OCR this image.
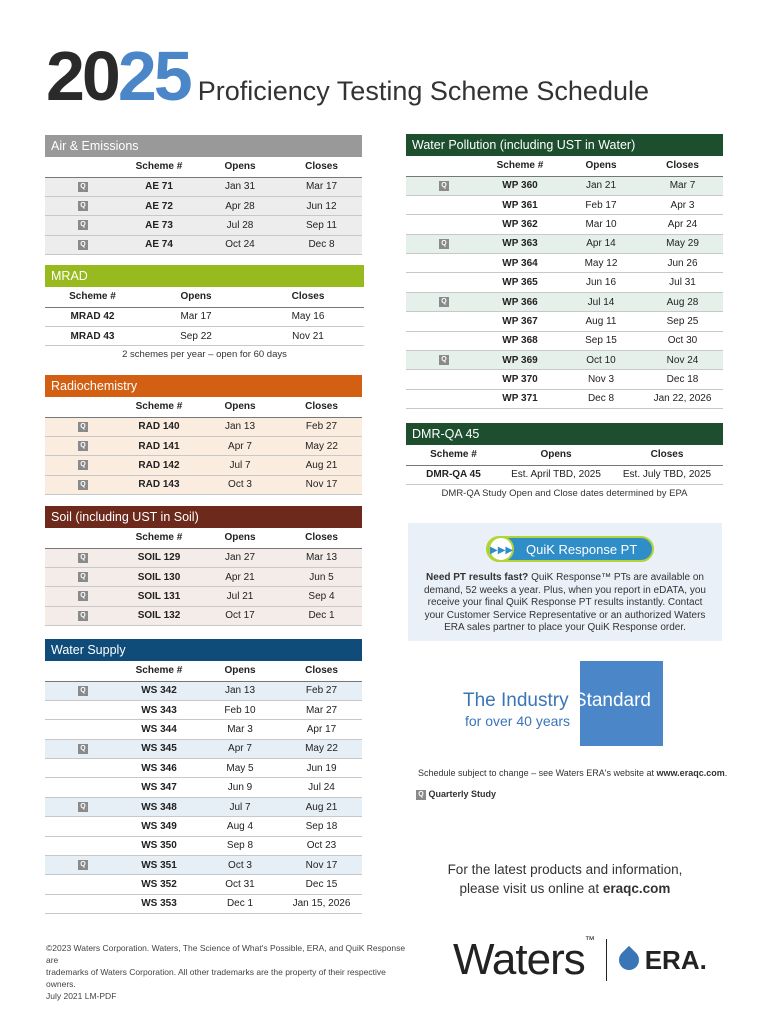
2025 Proficiency Testing Scheme Schedule
Air & Emissions
	Scheme #	Opens	Closes
Q	AE 71	Jan 31	Mar 17
Q	AE 72	Apr 28	Jun 12
Q	AE 73	Jul 28	Sep 11
Q	AE 74	Oct 24	Dec 8
MRAD
Scheme #	Opens	Closes
MRAD 42	Mar 17	May 16
MRAD 43	Sep 22	Nov 21
2 schemes per year – open for 60 days
Radiochemistry
	Scheme #	Opens	Closes
Q	RAD 140	Jan 13	Feb 27
Q	RAD 141	Apr 7	May 22
Q	RAD 142	Jul 7	Aug 21
Q	RAD 143	Oct 3	Nov 17
Soil (including UST in Soil)
	Scheme #	Opens	Closes
Q	SOIL 129	Jan 27	Mar 13
Q	SOIL 130	Apr 21	Jun 5
Q	SOIL 131	Jul 21	Sep 4
Q	SOIL 132	Oct 17	Dec 1
Water Supply
	Scheme #	Opens	Closes
Q	WS 342	Jan 13	Feb 27
	WS 343	Feb 10	Mar 27
	WS 344	Mar 3	Apr 17
Q	WS 345	Apr 7	May 22
	WS 346	May 5	Jun 19
	WS 347	Jun 9	Jul 24
Q	WS 348	Jul 7	Aug 21
	WS 349	Aug 4	Sep 18
	WS 350	Sep 8	Oct 23
Q	WS 351	Oct 3	Nov 17
	WS 352	Oct 31	Dec 15
	WS 353	Dec 1	Jan 15, 2026
Water Pollution (including UST in Water)
	Scheme #	Opens	Closes
Q	WP 360	Jan 21	Mar 7
	WP 361	Feb 17	Apr 3
	WP 362	Mar 10	Apr 24
Q	WP 363	Apr 14	May 29
	WP 364	May 12	Jun 26
	WP 365	Jun 16	Jul 31
Q	WP 366	Jul 14	Aug 28
	WP 367	Aug 11	Sep 25
	WP 368	Sep 15	Oct 30
Q	WP 369	Oct 10	Nov 24
	WP 370	Nov 3	Dec 18
	WP 371	Dec 8	Jan 22, 2026
DMR-QA 45
Scheme #	Opens	Closes
DMR-QA 45	Est. April TBD, 2025	Est. July TBD, 2025
DMR-QA Study Open and Close dates determined by EPA
▶▶▶ QuiK Response PT
Need PT results fast? QuiK Response™ PTs are available on demand, 52 weeks a year. Plus, when you report in eDATA, you receive your final QuiK Response PT results instantly. Contact your Customer Service Representative or an authorized Waters ERA sales partner to place your QuiK Response order.
The Industry Standard
for over 40 years
Schedule subject to change – see Waters ERA's website at www.eraqc.com.
Q Quarterly Study
For the latest products and information,
please visit us online at eraqc.com
©2023 Waters Corporation. Waters, The Science of What's Possible, ERA, and QuiK Response are
trademarks of Waters Corporation. All other trademarks are the property of their respective owners.
July 2021 LM-PDF
Waters™ERA.
